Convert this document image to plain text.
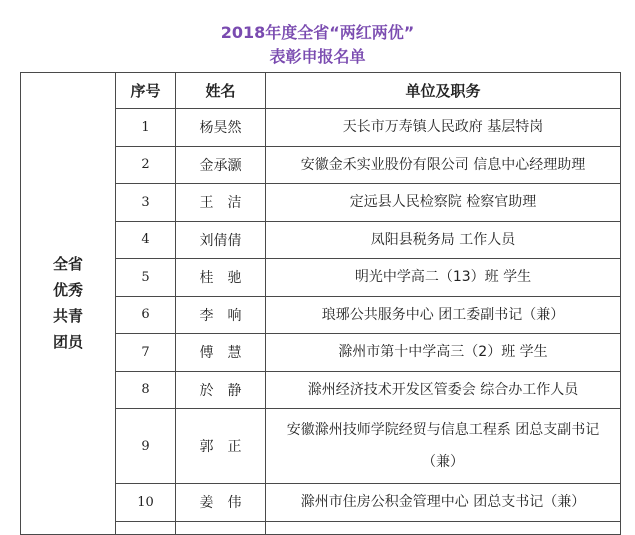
2018年度全省“两红两优”
表彰申报名单
全省
优秀
共青
团员	序号	姓名	单位及职务
	1	杨昊然	天长市万寿镇人民政府 基层特岗
	2	金承灏	安徽金禾实业股份有限公司 信息中心经理助理
	3	王　洁	定远县人民检察院 检察官助理
	4	刘倩倩	凤阳县税务局 工作人员
	5	桂　驰	明光中学高二（13）班 学生
	6	李　响	琅琊公共服务中心 团工委副书记（兼）
	7	傅　慧	滁州市第十中学高三（2）班 学生
	8	於　静	滁州经济技术开发区管委会 综合办工作人员
	9	郭　正	安徽滁州技师学院经贸与信息工程系 团总支副书记（兼）
	10	姜　伟	滁州市住房公积金管理中心 团总支书记（兼）
